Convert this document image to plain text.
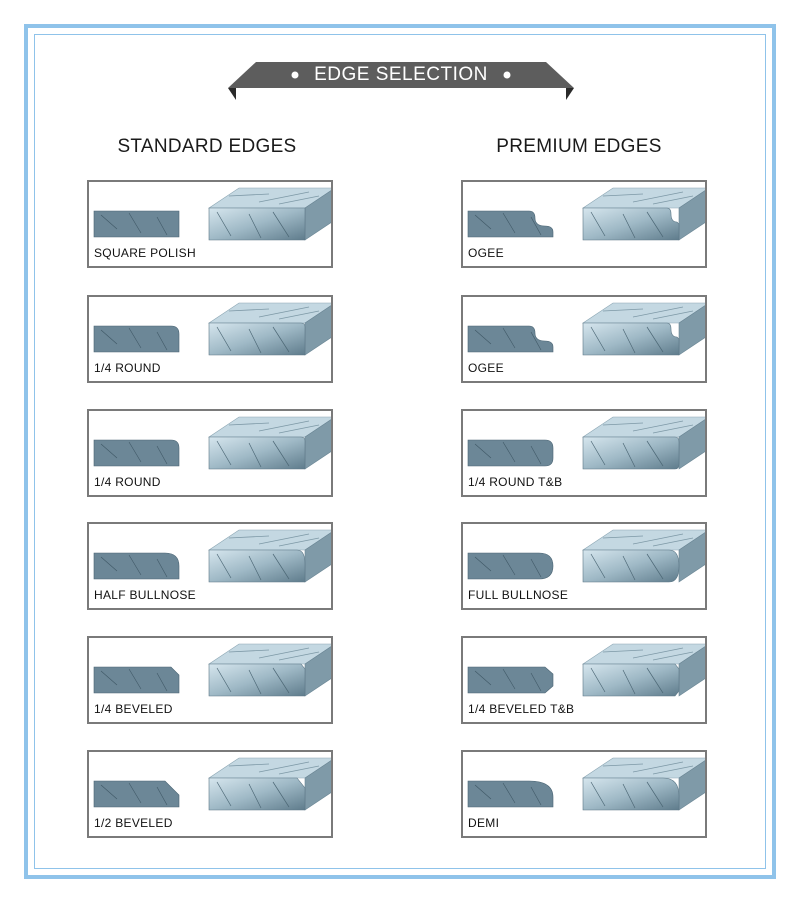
EDGE SELECTION
STANDARD EDGES	PREMIUM EDGES
SQUARE POLISH
1/4 ROUND
1/4 ROUND
HALF BULLNOSE
1/4 BEVELED
1/2 BEVELED
OGEE
OGEE
1/4 ROUND T&B
FULL BULLNOSE
1/4 BEVELED T&B
DEMI
